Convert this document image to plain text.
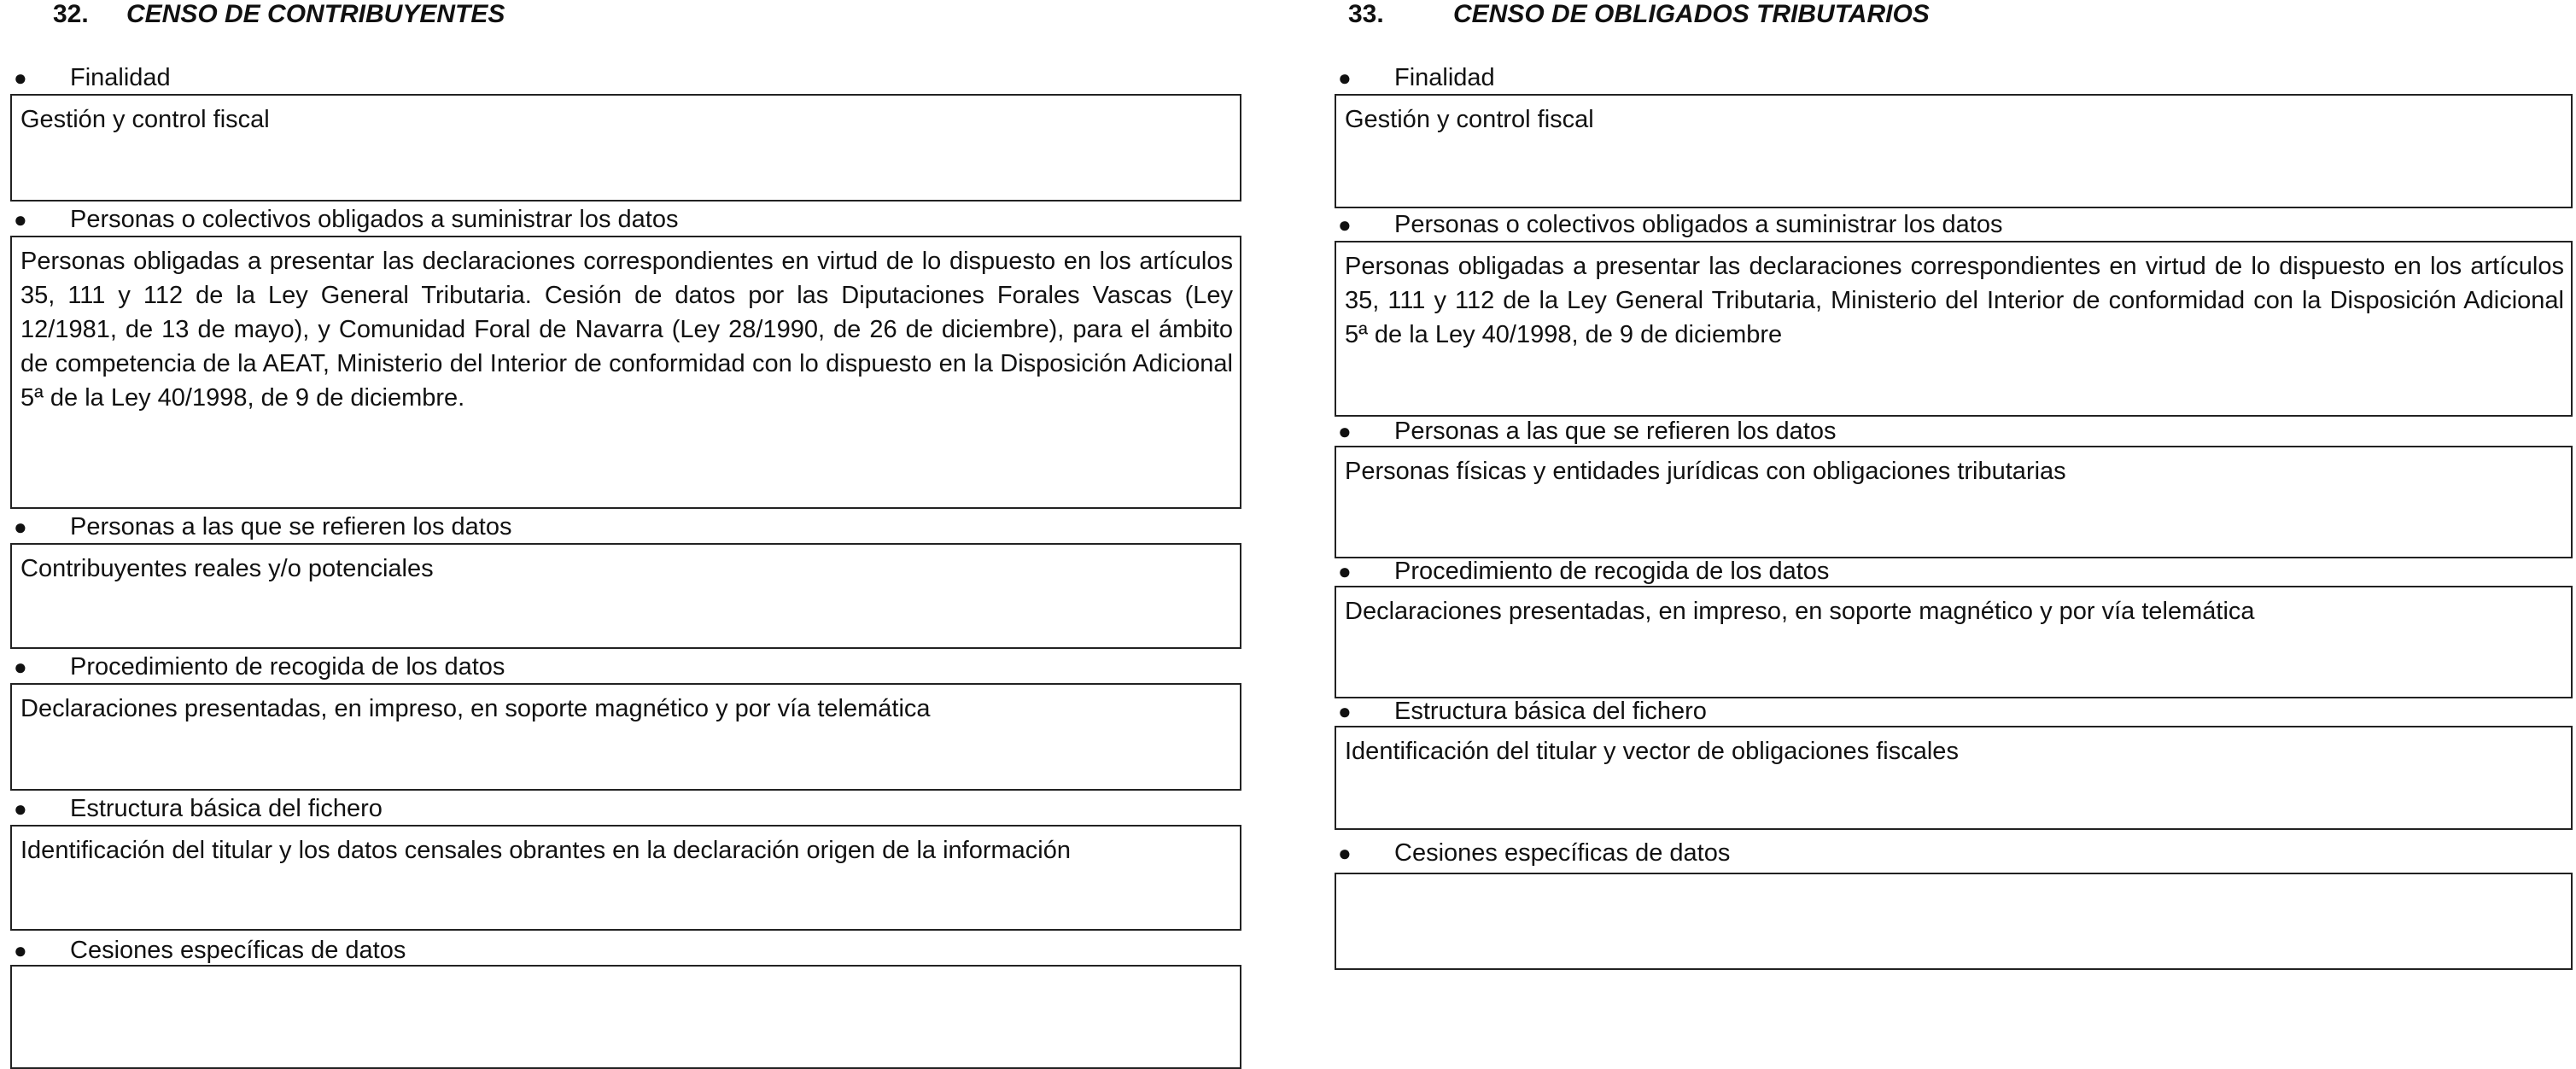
32. CENSO DE CONTRIBUYENTES
● Finalidad
Gestión y control fiscal
● Personas o colectivos obligados a suministrar los datos
Personas obligadas a presentar las declaraciones correspondientes en virtud de lo dispuesto en los artículos 35, 111 y 112 de la Ley General Tributaria. Cesión de datos por las Diputaciones Forales Vascas (Ley 12/1981, de 13 de mayo), y Comunidad Foral de Navarra (Ley 28/1990, de 26 de diciembre), para el ámbito de competencia de la AEAT, Ministerio del Interior de conformidad con lo dispuesto en la Disposición Adicional 5ª de la Ley 40/1998, de 9 de diciembre.
● Personas a las que se refieren los datos
Contribuyentes reales y/o potenciales
● Procedimiento de recogida de los datos
Declaraciones presentadas, en impreso, en soporte magnético y por vía telemática
● Estructura básica del fichero
Identificación del titular y los datos censales obrantes en la declaración origen de la información
● Cesiones específicas de datos
33.	CENSO DE OBLIGADOS TRIBUTARIOS
● Finalidad
Gestión y control fiscal
● Personas o colectivos obligados a suministrar los datos
Personas obligadas a presentar las declaraciones correspondientes en virtud de lo dispuesto en los artículos 35, 111 y 112 de la Ley General Tributaria, Ministerio del Interior de conformidad con la Disposición Adicional 5ª de la Ley 40/1998, de 9 de diciembre
● Personas a las que se refieren los datos
Personas físicas y entidades jurídicas con obligaciones tributarias
● Procedimiento de recogida de los datos
Declaraciones presentadas, en impreso, en soporte magnético y por vía telemática
● Estructura básica del fichero
Identificación del titular y vector de obligaciones fiscales
● Cesiones específicas de datos
